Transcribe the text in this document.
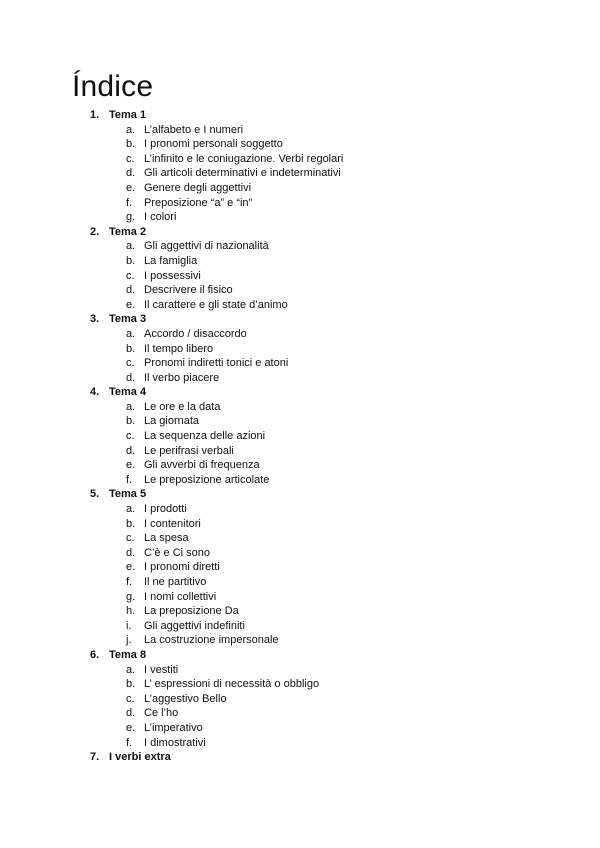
Índice
1. Tema 1
a. L’alfabeto e I numeri
b. I pronomi personali soggetto
c. L’infinito e le coniugazione. Verbi regolari
d. Gli articoli determinativi e indeterminativi
e. Genere degli aggettivi
f.	Preposizione “a” e “in”
g. I colori
2. Tema 2
a. Gli aggettivi di nazionalità
b. La famiglia
c. I possessivi
d. Descrivere il fisico
e. Il carattere e gli state d’animo
3. Tema 3
a. Accordo / disaccordo
b. Il tempo libero
c. Pronomi indiretti tonici e atoni
d. Il verbo piacere
4. Tema 4
a. Le ore e la data
b. La giornata
c. La sequenza delle azioni
d. Le perifrasi verbali
e. Gli avverbi di frequenza
f.	Le preposizione articolate
5. Tema 5
a. I prodotti
b. I contenitori
c. La spesa
d. C’è e Ci sono
e. I pronomi diretti
f.	Il ne partitivo
g. I nomi collettivi
h. La preposizione Da
i.	Gli aggettivi indefiniti
j.	La costruzione impersonale
6. Tema 8
a. I vestiti
b. L’ espressioni di necessità o obbligo
c. L’aggestivo Bello
d. Ce l’ho
e. L’imperativo
f.	I dimostrativi
7. I verbi extra
